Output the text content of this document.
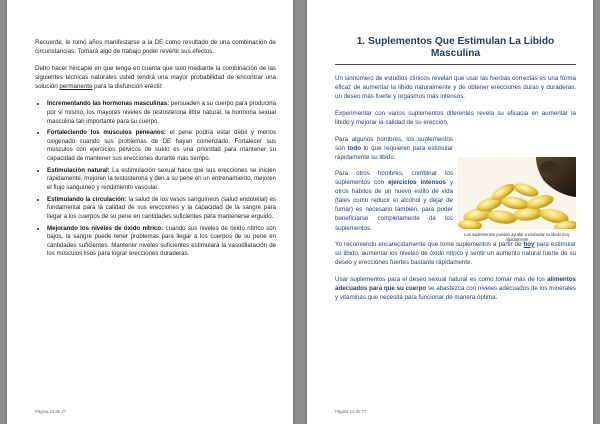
Recuerde, le tomó años manifestarse a la DE como resultado de una combinación de circunstancias. Tomará algo de trabajo poder revertir sus efectos.

Debo hacer hincapié en que tenga en cuenta que solo mediante la combinación de las siguientes técnicas naturales usted tendrá una mayor probabilidad de encontrar una solución permanente para la disfunción eréctil:

• Incrementando las hormonas masculinas: persuaden a su cuerpo para producirla por sí mismo, los mayores niveles de testosterona libre natural, la hormona sexual masculina tan importante para su cuerpo.
• Fortaleciendo los músculos peneanos: el pene podría estar débil y menos oxigenado cuando sus problemas de DE hayan comenzado. Fortalecer sus músculos con ejercicios pélvicos de suelo es una prioridad para mantener su capacidad de mantener sus erecciones durante más tiempo.
• Estimulación natural: La estimulación sexual hace que sus erecciones se inicien rápidamente, mejoren la testosterona y den a su pene en un entrenamiento, mejoren el flujo sanguíneo y rendimiento vascular.
• Estimulando la circulación: la salud de los vasos sanguíneos (salud endotelial) es fundamental para la calidad de sus erecciones y la capacidad de la sangre para llegar a los cuerpos de su pene en cantidades suficientes para mantenerse erguido.
• Mejorando los niveles de óxido nítrico: cuando sus niveles de óxido nítrico son bajos, la sangre puede tener problemas para llegar a los cuerpos de su pene en cantidades suficientes. Mantener niveles suficientes estimulará la vasodilatación de los músculos lisos para lograr erecciones duraderas.
Página 13 de 77
1. Suplementos Que Estimulan La Libido
Masculina

Un sinnúmero de estudios clínicos revelan que usar las hierbas correctas es una forma eficaz de aumentar la libido naturalmente y de obtener erecciones duras y duraderas, un deseo más fuerte y orgasmos más intensos.

Experimentar con varios suplementos diferentes revela su eficacia en aumentar la libido y mejorar la calidad de su erección.

Los suplementos pueden ayudar a estimular su libido muy rápidamente

Para algunos hombres, los suplementos son todo lo que requieren para estimular rápidamente su libido.

Para otros hombres, combinar los suplementos con ejercicios intensos y otros hábitos de un nuevo estilo de vida (tales como reducir el alcohol y dejar de fumar) es necesario también, para poder beneficiarse completamente de los suplementos.

Yo recomiendo encarecidamente que tome suplementos a partir de hoy para estimular su libido, aumentar los niveles de óxido nítrico y sentir un aumento natural fuerte de su deseo y erecciones fuertes bastante rápidamente.

Usar suplementos para el deseo sexual natural es como tomar más de los alimentos adecuados para que su cuerpo se abastezca con niveles adecuados de los minerales y vitaminas que necesita para funcionar de manera óptima.

Página 14 de 77
